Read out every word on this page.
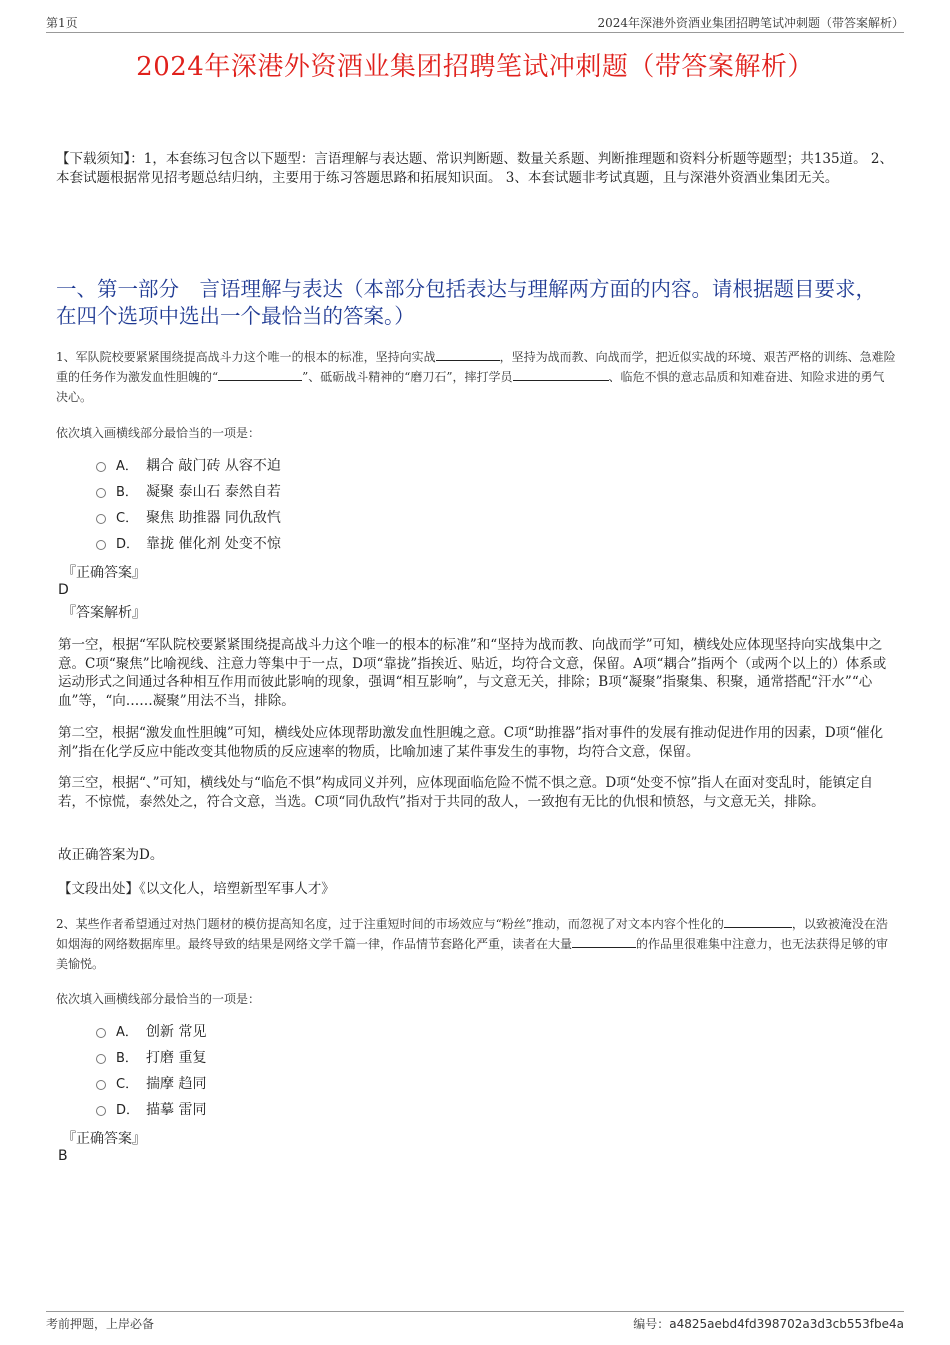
第1页	2024年深港外资酒业集团招聘笔试冲刺题（带答案解析）
2024年深港外资酒业集团招聘笔试冲刺题（带答案解析）
【下载须知】：1，本套练习包含以下题型：言语理解与表达题、常识判断题、数量关系题、判断推理题和资料分析题等题型；共135道。 2、本套试题根据常见招考题总结归纳，主要用于练习答题思路和拓展知识面。 3、本套试题非考试真题，且与深港外资酒业集团无关。
一、第一部分　言语理解与表达（本部分包括表达与理解两方面的内容。请根据题目要求，在四个选项中选出一个最恰当的答案。）
1、军队院校要紧紧围绕提高战斗力这个唯一的根本的标准，坚持向实战	，坚持为战而教、向战而学，把近似实战的环境、艰苦严格的训练、急难险重的任务作为激发血性胆魄的“	”、砥砺战斗精神的“磨刀石”，摔打学员	、临危不惧的意志品质和知难奋进、知险求进的勇气决心。
依次填入画横线部分最恰当的一项是：
A． 耦合 敲门砖 从容不迫
B． 凝聚 泰山石 泰然自若
C． 聚焦 助推器 同仇敌忾
D． 靠拢 催化剂 处变不惊
『正确答案』
D
『答案解析』
第一空，根据“军队院校要紧紧围绕提高战斗力这个唯一的根本的标准”和“坚持为战而教、向战而学”可知，横线处应体现坚持向实战集中之意。C项“聚焦”比喻视线、注意力等集中于一点，D项“靠拢”指挨近、贴近，均符合文意，保留。A项“耦合”指两个（或两个以上的）体系或运动形式之间通过各种相互作用而彼此影响的现象，强调“相互影响”，与文意无关，排除；B项“凝聚”指聚集、积聚，通常搭配“汗水”“心血”等，“向……凝聚”用法不当，排除。
第二空，根据“激发血性胆魄”可知，横线处应体现帮助激发血性胆魄之意。C项“助推器”指对事件的发展有推动促进作用的因素，D项“催化剂”指在化学反应中能改变其他物质的反应速率的物质，比喻加速了某件事发生的事物，均符合文意，保留。
第三空，根据“、”可知，横线处与“临危不惧”构成同义并列，应体现面临危险不慌不惧之意。D项“处变不惊”指人在面对变乱时，能镇定自若，不惊慌，泰然处之，符合文意，当选。C项“同仇敌忾”指对于共同的敌人，一致抱有无比的仇恨和愤怒，与文意无关，排除。
故正确答案为D。
【文段出处】《以文化人，培塑新型军事人才》
2、某些作者希望通过对热门题材的模仿提高知名度，过于注重短时间的市场效应与“粉丝”推动，而忽视了对文本内容个性化的	，以致被淹没在浩如烟海的网络数据库里。最终导致的结果是网络文学千篇一律，作品情节套路化严重，读者在大量	的作品里很难集中注意力，也无法获得足够的审美愉悦。
依次填入画横线部分最恰当的一项是：
A． 创新 常见
B． 打磨 重复
C． 揣摩 趋同
D． 描摹 雷同
『正确答案』
B
考前押题，上岸必备	编号：a4825aebd4fd398702a3d3cb553fbe4a
